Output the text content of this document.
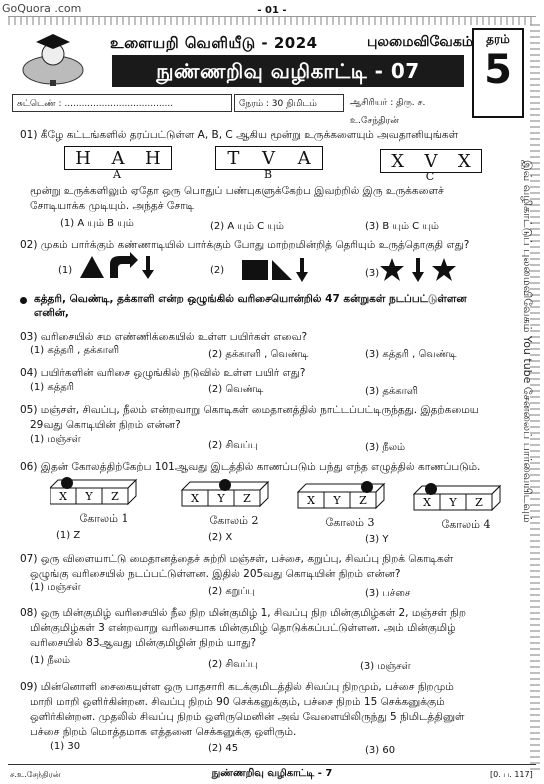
GoQuora .com	- 01 -
உளையறி வெளியீடு - 2024	புலமைவிவேகம்
நுண்ணறிவு வழிகாட்டி - 07
தரம்
5
சுட்டெண் : ......................................	நேரம் : 30 நிமிடம்	ஆசிரியர் : திரு. ச. உ.சேந்திரன்
இவ் வழிகாட்டுப் புலமைவிவேகம் You tube சேனலைப் பார்வையிடவும்
01) கீழே கட்டங்களில் தரப்பட்டுள்ள A, B, C ஆகிய மூன்று உருக்களையும் அவதானியுங்கள்
H A H
A
T V A
B
X V X
C
மூன்று உருக்களிலும் ஏதோ ஒரு பொதுப் பண்புகளுக்கேற்ப இவற்றில் இரு உருக்களைச்
சோடியாக்க முடியும். அந்தச் சோடி
(1) A யும் B யும்	(2) A யும் C யும்	(3) B யும் C யும்
02) முகம் பார்க்கும் கண்ணாடியில் பார்க்கும் போது மாற்றமின்றித் தெரியும் உருத்தொகுதி எது?
(1)	(2)	(3)
கத்தரி, வெண்டி, தக்காளி என்ற ஒழுங்கில் வரிசையொன்றில் 47 கன்றுகள் நடப்பட்டுள்ளன
எனின்,
03) வரிசையில் சம எண்ணிக்கையில் உள்ள பயிர்கள் எவை?
(1) கத்தரி , தக்காளி	(2) தக்காளி , வெண்டி	(3) கத்தரி , வெண்டி
04) பயிர்களின் வரிசை ஒழுங்கில் நடுவில் உள்ள பயிர் எது?
(1) கத்தரி	(2) வெண்டி	(3) தக்காளி
05) மஞ்சள், சிவப்பு, நீலம் என்றவாறு கொடிகள் மைதானத்தில் நாட்டப்பட்டிருந்தது. இதற்கமைய
29வது கொடியின் நிறம் என்ன?
(1) மஞ்சள்
(2) சிவப்பு	(3) நீலம்
06) இதன் கோலத்திற்கேற்ப 101ஆவது இடத்தில் காணப்படும் பந்து எந்த எழுத்தில் காணப்படும்.
X Y Z	X Y Z	X Y Z	X Y Z
கோலம் 1	கோலம் 2	கோலம் 3	கோலம் 4
(1) Z	(2) X	(3) Y
07) ஒரு விளையாட்டு மைதானத்தைச் சுற்றி மஞ்சள், பச்சை, கறுப்பு, சிவப்பு நிறக் கொடிகள்
ஒழுங்கு வரிசையில் நடப்பட்டுள்ளன. இதில் 205வது கொடியின் நிறம் என்ன?
(1) மஞ்சள்	(2) கறுப்பு	(3) பச்சை
08) ஒரு மின்குமிழ் வரிசையில் நீல நிற மின்குமிழ் 1, சிவப்பு நிற மின்குமிழ்கள் 2, மஞ்சள் நிற
மின்குமிழ்கள் 3 என்றவாறு வரிசையாக மின்குமிழ் தொடுக்கப்பட்டுள்ளன. அம் மின்குமிழ்
வரிசையில் 83ஆவது மின்குமிழின் நிறம் யாது?
(1) நீலம்	(2) சிவப்பு	(3) மஞ்சள்
09) மின்னொளி சைகையுள்ள ஒரு பாதசாரி கடக்குமிடத்தில் சிவப்பு நிறமும், பச்சை நிறமும்
மாறி மாறி ஒளிர்கின்றன. சிவப்பு நிறம் 90 செக்கனுக்கும், பச்சை நிறம் 15 செக்கனுக்கும்
ஒளிர்கின்றன. முதலில் சிவப்பு நிறம் ஒளிருமெனின் அவ் வேளையிலிருந்து 5 நிமிடத்தினுள்
பச்சை நிறம் மொத்தமாக எத்தனை செக்கனுக்கு ஒளிரும்.
(1) 30	(2) 45	(3) 60
ச.உ.சேந்திரன்	நுண்ணறிவு வழிகாட்டி - 7	[0. ப. 117]
